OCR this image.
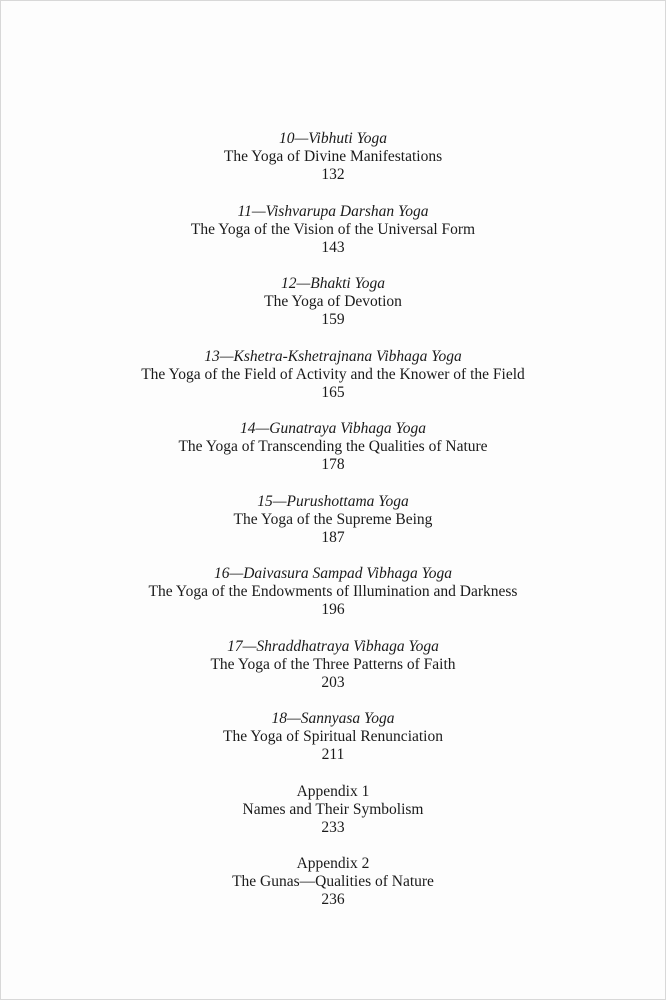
10—Vibhuti Yoga
The Yoga of Divine Manifestations
132
11—Vishvarupa Darshan Yoga
The Yoga of the Vision of the Universal Form
143
12—Bhakti Yoga
The Yoga of Devotion
159
13—Kshetra-Kshetrajnana Vibhaga Yoga
The Yoga of the Field of Activity and the Knower of the Field
165
14—Gunatraya Vibhaga Yoga
The Yoga of Transcending the Qualities of Nature
178
15—Purushottama Yoga
The Yoga of the Supreme Being
187
16—Daivasura Sampad Vibhaga Yoga
The Yoga of the Endowments of Illumination and Darkness
196
17—Shraddhatraya Vibhaga Yoga
The Yoga of the Three Patterns of Faith
203
18—Sannyasa Yoga
The Yoga of Spiritual Renunciation
211
Appendix 1
Names and Their Symbolism
233
Appendix 2
The Gunas—Qualities of Nature
236
